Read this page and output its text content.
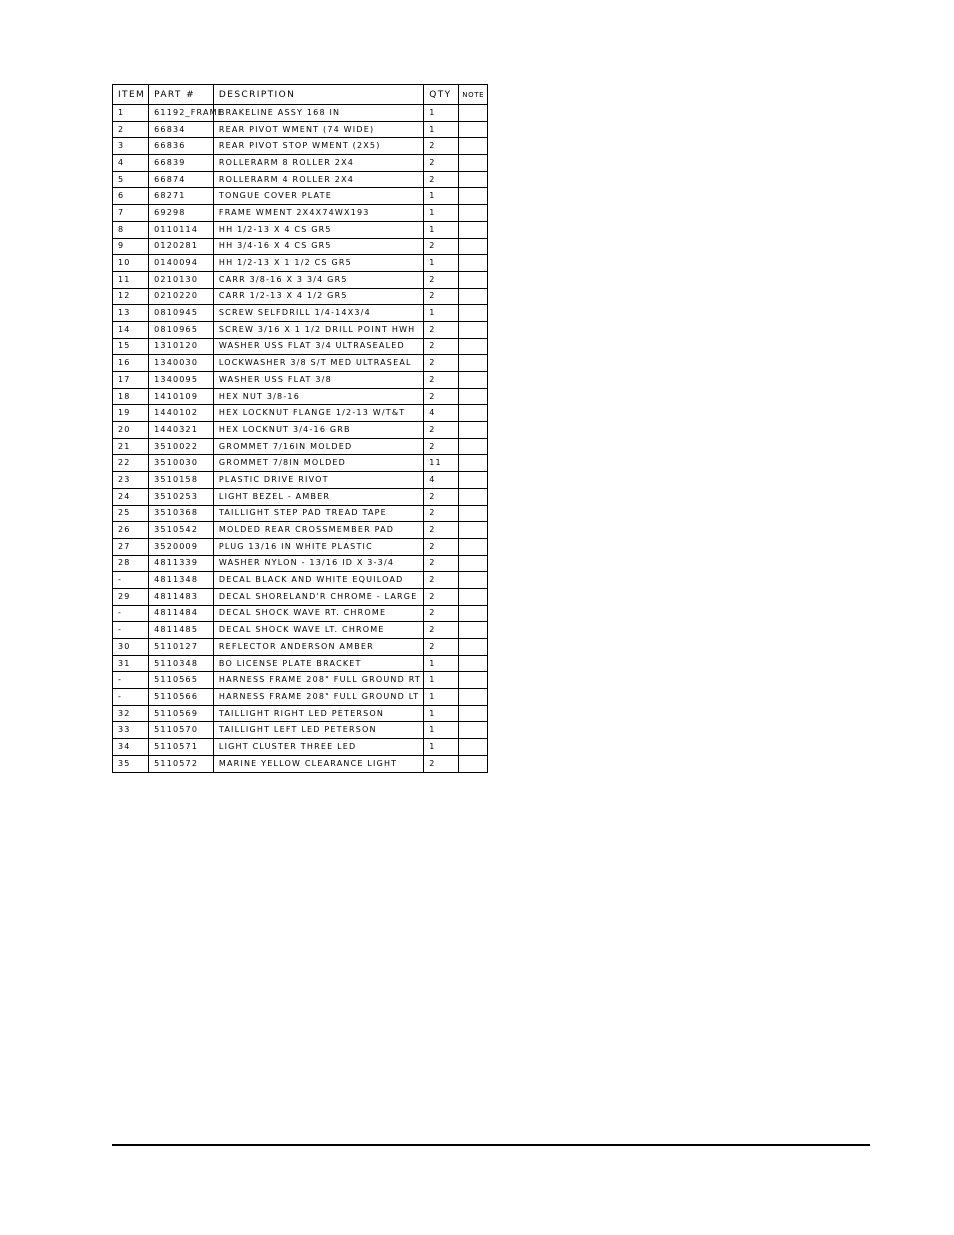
ITEM	PART #	DESCRIPTION	QTY	NOTE
1	61192_FRAME	BRAKELINE ASSY 168 IN	1	
2	66834	REAR PIVOT WMENT (74 WIDE)	1	
3	66836	REAR PIVOT STOP WMENT (2X5)	2	
4	66839	ROLLERARM 8 ROLLER 2X4	2	
5	66874	ROLLERARM 4 ROLLER 2X4	2	
6	68271	TONGUE COVER PLATE	1	
7	69298	FRAME WMENT 2X4X74WX193	1	
8	0110114	HH 1/2-13 X 4 CS GR5	1	
9	0120281	HH 3/4-16 X 4 CS GR5	2	
10	0140094	HH 1/2-13 X 1 1/2 CS GR5	1	
11	0210130	CARR 3/8-16 X 3 3/4 GR5	2	
12	0210220	CARR 1/2-13 X 4 1/2 GR5	2	
13	0810945	SCREW SELFDRILL 1/4-14X3/4	1	
14	0810965	SCREW 3/16 X 1 1/2 DRILL POINT HWH	2	
15	1310120	WASHER USS FLAT 3/4 ULTRASEALED	2	
16	1340030	LOCKWASHER 3/8 S/T MED ULTRASEAL	2	
17	1340095	WASHER USS FLAT 3/8	2	
18	1410109	HEX NUT 3/8-16	2	
19	1440102	HEX LOCKNUT FLANGE 1/2-13 W/T&T	4	
20	1440321	HEX LOCKNUT 3/4-16 GRB	2	
21	3510022	GROMMET 7/16IN MOLDED	2	
22	3510030	GROMMET 7/8IN MOLDED	11	
23	3510158	PLASTIC DRIVE RIVOT	4	
24	3510253	LIGHT BEZEL - AMBER	2	
25	3510368	TAILLIGHT STEP PAD TREAD TAPE	2	
26	3510542	MOLDED REAR CROSSMEMBER PAD	2	
27	3520009	PLUG 13/16 IN WHITE PLASTIC	2	
28	4811339	WASHER NYLON - 13/16 ID X 3-3/4	2	
-	4811348	DECAL BLACK AND WHITE EQUILOAD	2	
29	4811483	DECAL SHORELAND'R CHROME - LARGE	2	
-	4811484	DECAL SHOCK WAVE RT. CHROME	2	
-	4811485	DECAL SHOCK WAVE LT. CHROME	2	
30	5110127	REFLECTOR ANDERSON AMBER	2	
31	5110348	BO LICENSE PLATE BRACKET	1	
-	5110565	HARNESS FRAME 208" FULL GROUND RT	1	
-	5110566	HARNESS FRAME 208" FULL GROUND LT	1	
32	5110569	TAILLIGHT RIGHT LED PETERSON	1	
33	5110570	TAILLIGHT LEFT LED PETERSON	1	
34	5110571	LIGHT CLUSTER THREE LED	1	
35	5110572	MARINE YELLOW CLEARANCE LIGHT	2	
